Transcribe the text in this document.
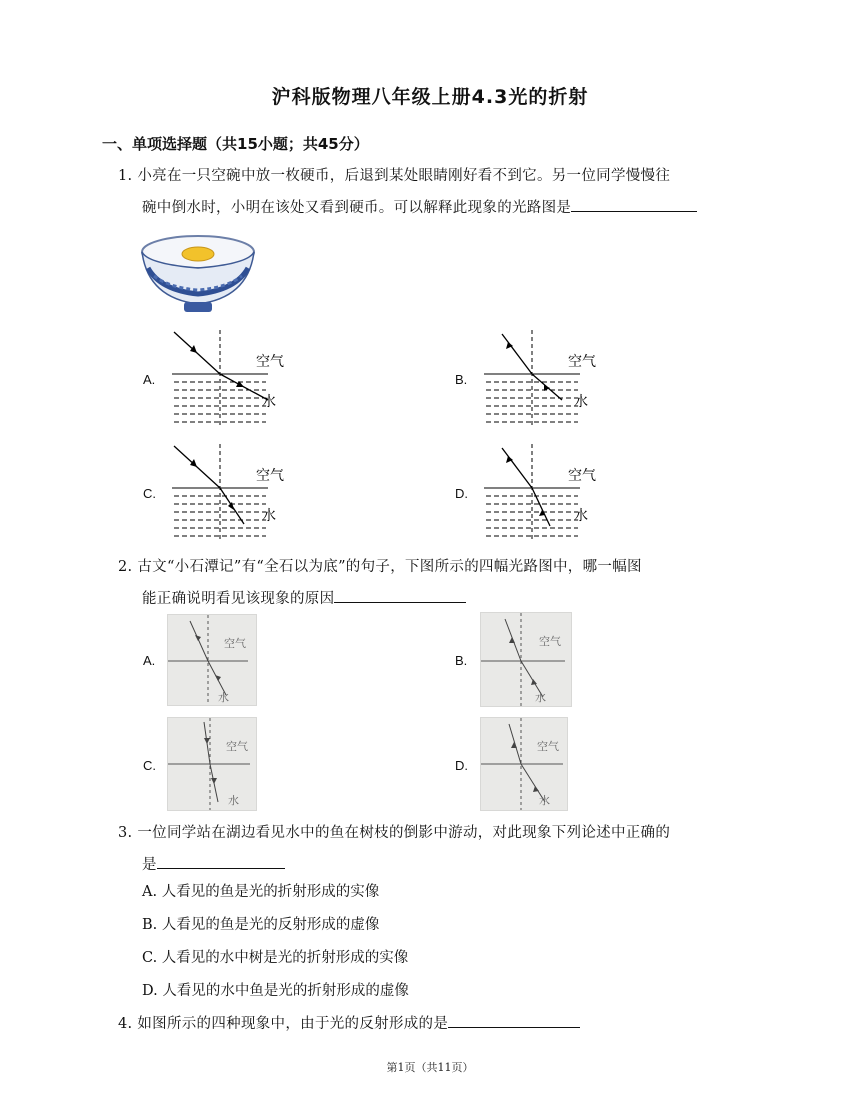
沪科版物理八年级上册4.3光的折射
一、单项选择题（共15小题；共45分）
1. 小亮在一只空碗中放一枚硬币，后退到某处眼睛刚好看不到它。另一位同学慢慢往
碗中倒水时，小明在该处又看到硬币。可以解释此现象的光路图是
A.	B.
C.	D.
空气
水
空气
水
空气
水
空气
水
2. 古文“小石潭记”有“全石以为底”的句子，下图所示的四幅光路图中，哪一幅图
能正确说明看见该现象的原因
A.	B.
C.	D.
空气
水
空气
水
空气
水
空气
水
3. 一位同学站在湖边看见水中的鱼在树枝的倒影中游动，对此现象下列论述中正确的
是
A. 人看见的鱼是光的折射形成的实像
B. 人看见的鱼是光的反射形成的虚像
C. 人看见的水中树是光的折射形成的实像
D. 人看见的水中鱼是光的折射形成的虚像
4. 如图所示的四种现象中，由于光的反射形成的是
第1页（共11页）
